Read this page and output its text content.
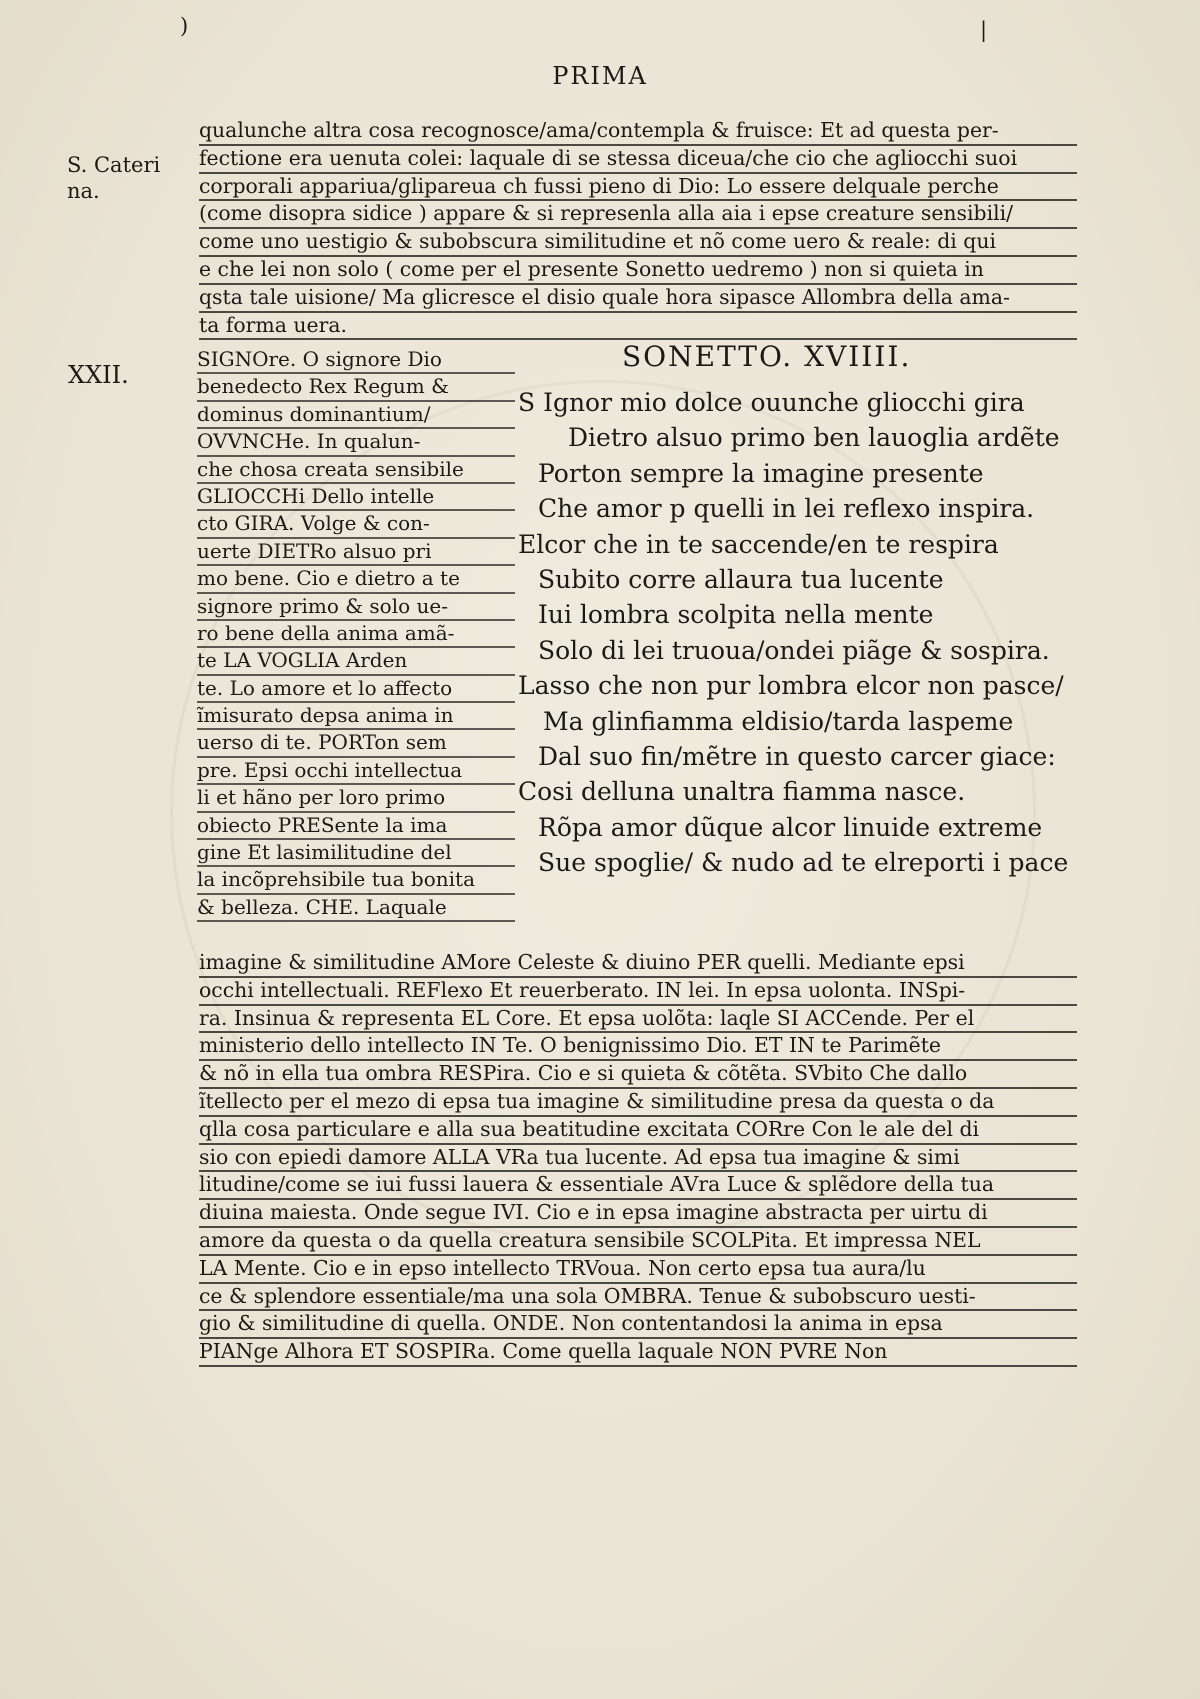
)	|
PRIMA
S. Cateri
na.
XXII.
qualunche altra cosa recognosce/ama/contempla & fruisce: Et ad questa per-
fectione era uenuta colei: laquale di se stessa diceua/che cio che agliocchi suoi
corporali appariua/glipareua ch fussi pieno di Dio: Lo essere delquale perche
(come disopra sidice ) appare & si represenla alla aia i epse creature sensibili/
come uno uestigio & subobscura similitudine et nõ come uero & reale: di qui
e che lei non solo ( come per el presente Sonetto uedremo ) non si quieta in
qsta tale uisione/ Ma glicresce el disio quale hora sipasce Allombra della ama-
ta forma uera.
SIGNOre. O signore Dio
benedecto Rex Regum &
dominus dominantium/
OVVNCHe. In qualun-
che chosa creata sensibile
GLIOCCHi Dello intelle
cto GIRA. Volge & con-
uerte DIETRo alsuo pri
mo bene. Cio e dietro a te
signore primo & solo ue-
ro bene della anima amã-
te LA VOGLIA Arden
te. Lo amore et lo affecto
ĩmisurato depsa anima in
uerso di te. PORTon sem
pre. Epsi occhi intellectua
li et hãno per loro primo
obiecto PRESente la ima
gine Et lasimilitudine del
la incõprehsibile tua bonita
& belleza. CHE. Laquale
SONETTO. XVIIII.
S Ignor mio dolce ouunche gliocchi gira
Dietro alsuo primo ben lauoglia ardẽte
Porton sempre la imagine presente
Che amor p quelli in lei reflexo inspira.
Elcor che in te saccende/en te respira
Subito corre allaura tua lucente
Iui lombra scolpita nella mente
Solo di lei truoua/ondei piãge & sospira.
Lasso che non pur lombra elcor non pasce/
Ma glinfiamma eldisio/tarda laspeme
Dal suo fin/mẽtre in questo carcer giace:
Cosi delluna unaltra fiamma nasce.
Rõpa amor dũque alcor linuide extreme
Sue spoglie/ & nudo ad te elreporti i pace
imagine & similitudine AMore Celeste & diuino PER quelli. Mediante epsi
occhi intellectuali. REFlexo Et reuerberato. IN lei. In epsa uolonta. INSpi-
ra. Insinua & representa EL Core. Et epsa uolõta: laqle SI ACCende. Per el
ministerio dello intellecto IN Te. O benignissimo Dio. ET IN te Parimẽte
& nõ in ella tua ombra RESPira. Cio e si quieta & cõtẽta. SVbito Che dallo
ĩtellecto per el mezo di epsa tua imagine & similitudine presa da questa o da
qlla cosa particulare e alla sua beatitudine excitata CORre Con le ale del di
sio con epiedi damore ALLA VRa tua lucente. Ad epsa tua imagine & simi
litudine/come se iui fussi lauera & essentiale AVra Luce & splẽdore della tua
diuina maiesta. Onde segue IVI. Cio e in epsa imagine abstracta per uirtu di
amore da questa o da quella creatura sensibile SCOLPita. Et impressa NEL
LA Mente. Cio e in epso intellecto TRVoua. Non certo epsa tua aura/lu
ce & splendore essentiale/ma una sola OMBRA. Tenue & subobscuro uesti-
gio & similitudine di quella. ONDE. Non contentandosi la anima in epsa
PIANge Alhora ET SOSPIRa. Come quella laquale NON PVRE Non
